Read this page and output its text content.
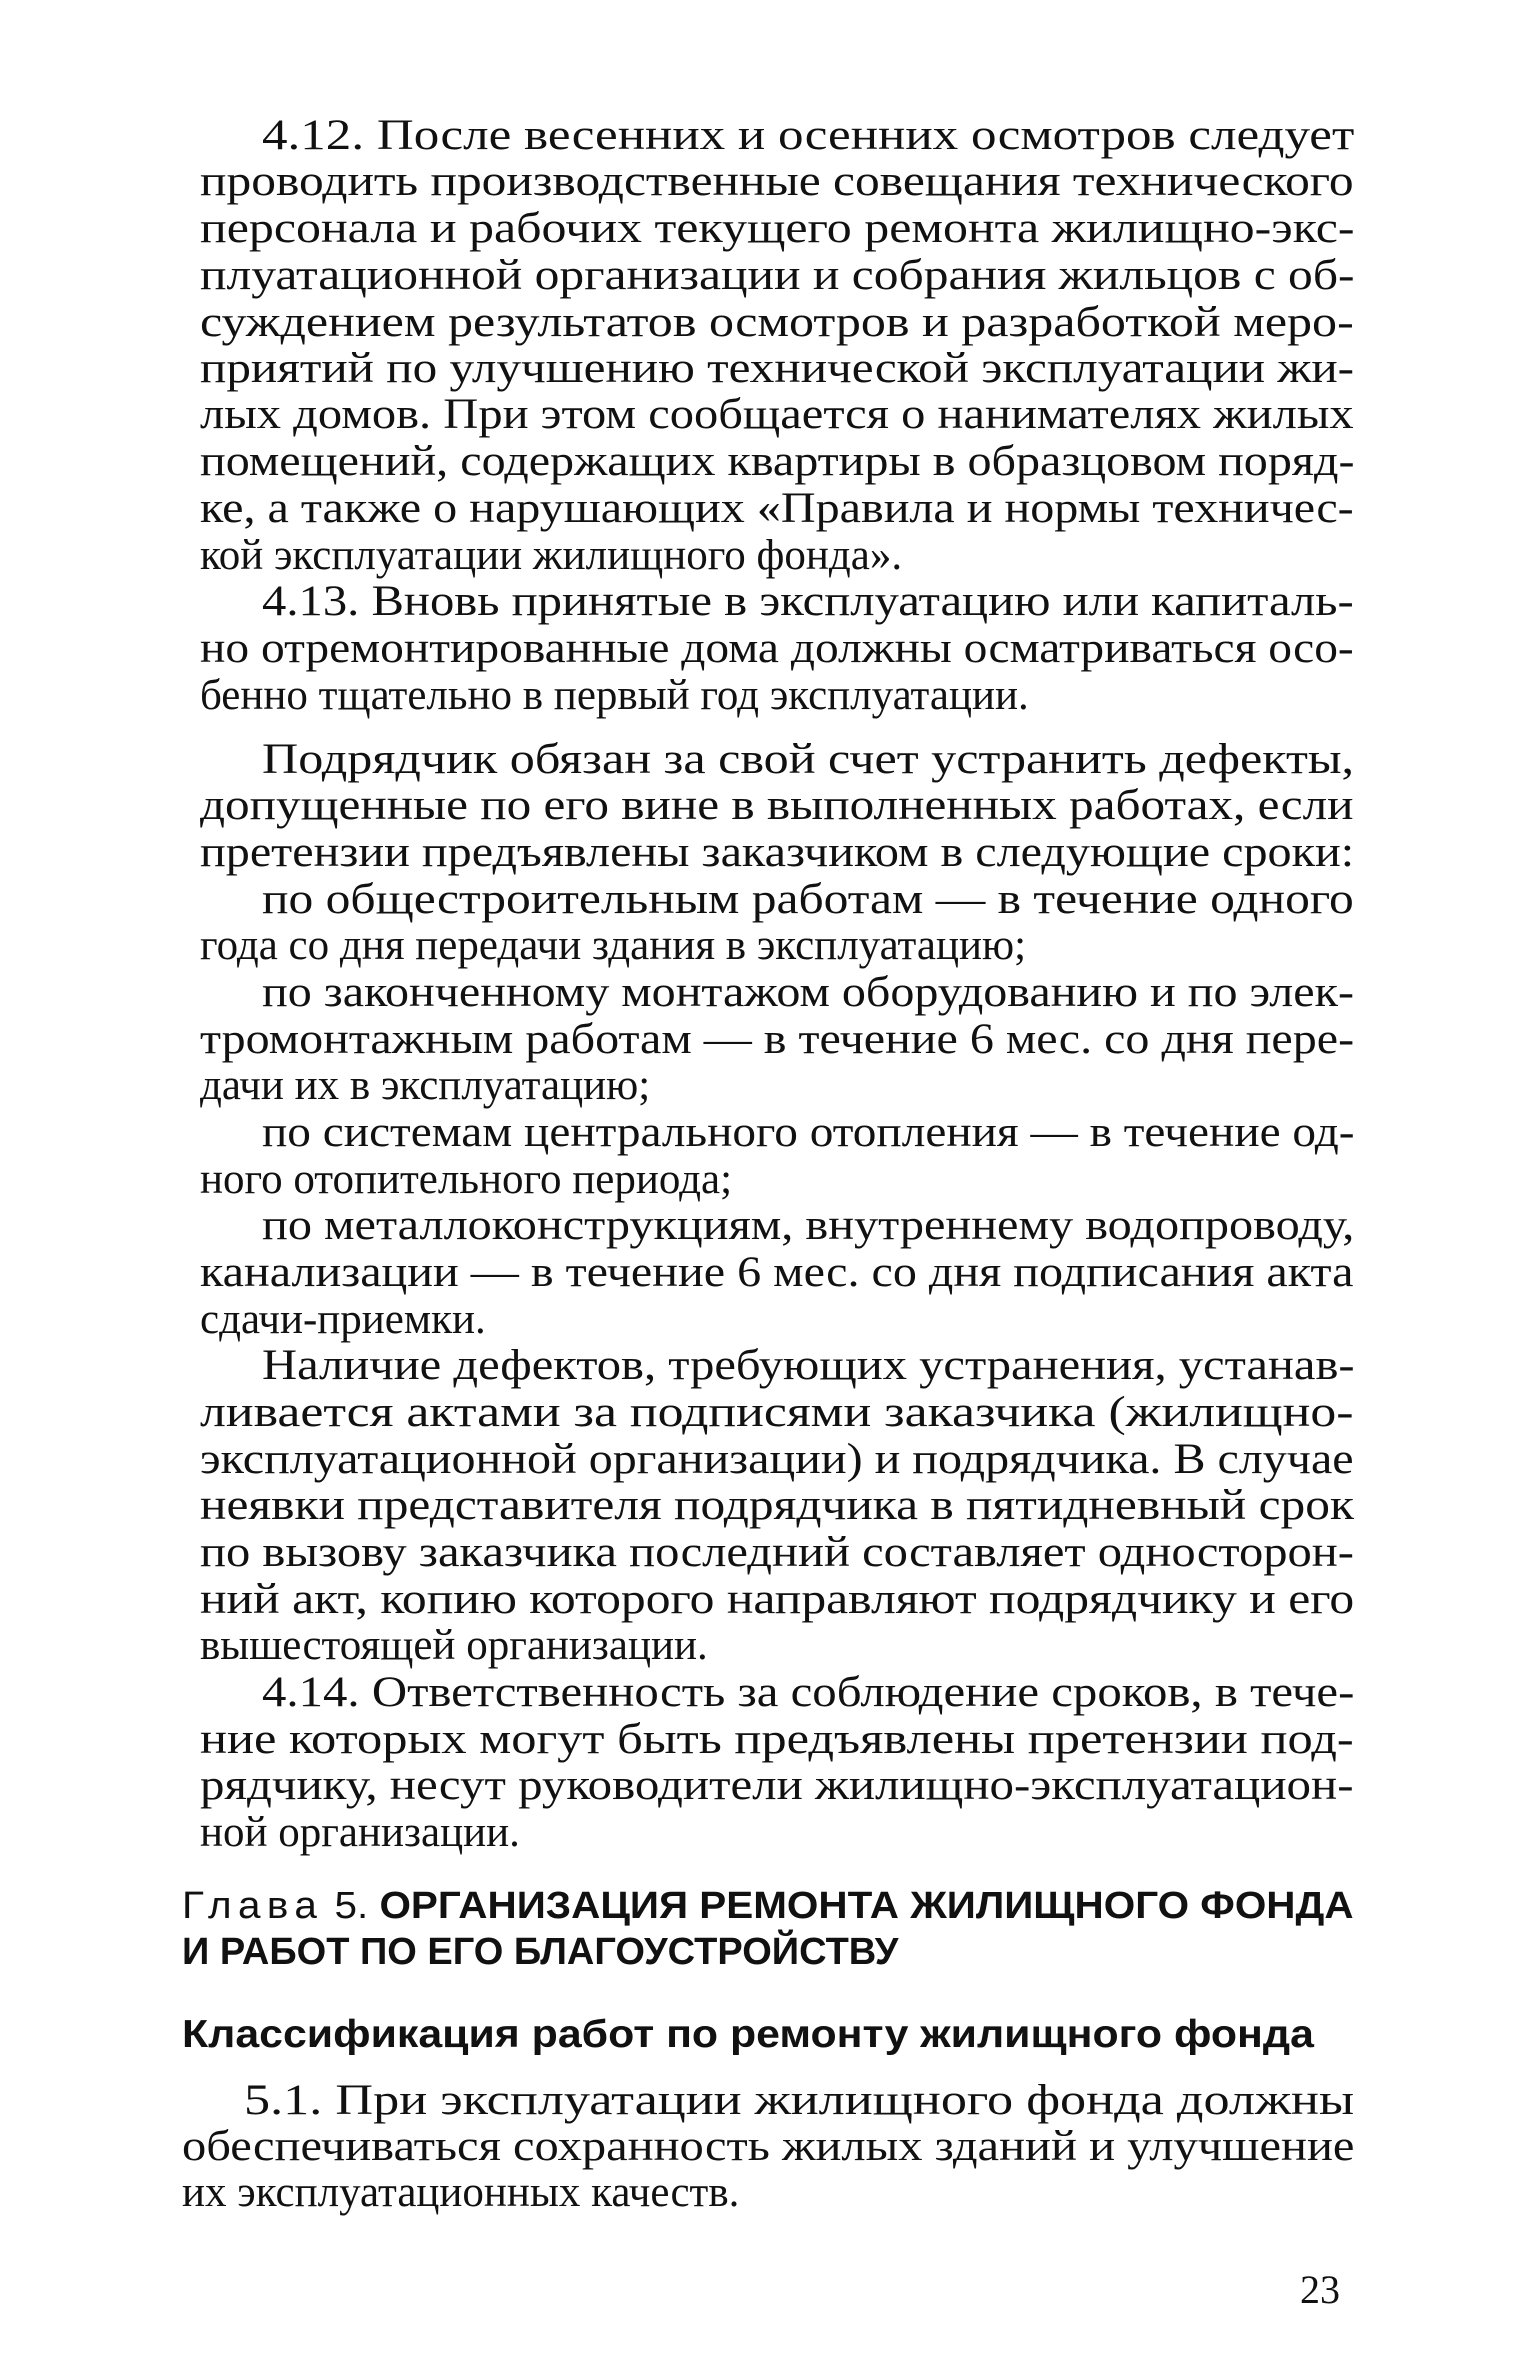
4.12. После весенних и осенних осмотров следует
проводить производственные совещания технического
персонала и рабочих текущего ремонта жилищно-экс-
плуатационной организации и собрания жильцов с об-
суждением результатов осмотров и разработкой меро-
приятий по улучшению технической эксплуатации жи-
лых домов. При этом сообщается о нанимателях жилых
помещений, содержащих квартиры в образцовом поряд-
ке, а также о нарушающих «Правила и нормы техничес-
кой эксплуатации жилищного фонда».
4.13. Вновь принятые в эксплуатацию или капиталь-
но отремонтированные дома должны осматриваться осо-
бенно тщательно в первый год эксплуатации.
Подрядчик обязан за свой счет устранить дефекты,
допущенные по его вине в выполненных работах, если
претензии предъявлены заказчиком в следующие сроки:
по общестроительным работам — в течение одного
года со дня передачи здания в эксплуатацию;
по законченному монтажом оборудованию и по элек-
тромонтажным работам — в течение 6 мес. со дня пере-
дачи их в эксплуатацию;
по системам центрального отопления — в течение од-
ного отопительного периода;
по металлоконструкциям, внутреннему водопроводу,
канализации — в течение 6 мес. со дня подписания акта
сдачи-приемки.
Наличие дефектов, требующих устранения, устанав-
ливается актами за подписями заказчика (жилищно-
эксплуатационной организации) и подрядчика. В случае
неявки представителя подрядчика в пятидневный срок
по вызову заказчика последний составляет односторон-
ний акт, копию которого направляют подрядчику и его
вышестоящей организации.
4.14. Ответственность за соблюдение сроков, в тече-
ние которых могут быть предъявлены претензии под-
рядчику, несут руководители жилищно-эксплуатацион-
ной организации.
Глава 5. ОРГАНИЗАЦИЯ РЕМОНТА ЖИЛИЩНОГО ФОНДА
И РАБОТ ПО ЕГО БЛАГОУСТРОЙСТВУ
Классификация работ по ремонту жилищного фонда
5.1. При эксплуатации жилищного фонда должны
обеспечиваться сохранность жилых зданий и улучшение
их эксплуатационных качеств.
23
